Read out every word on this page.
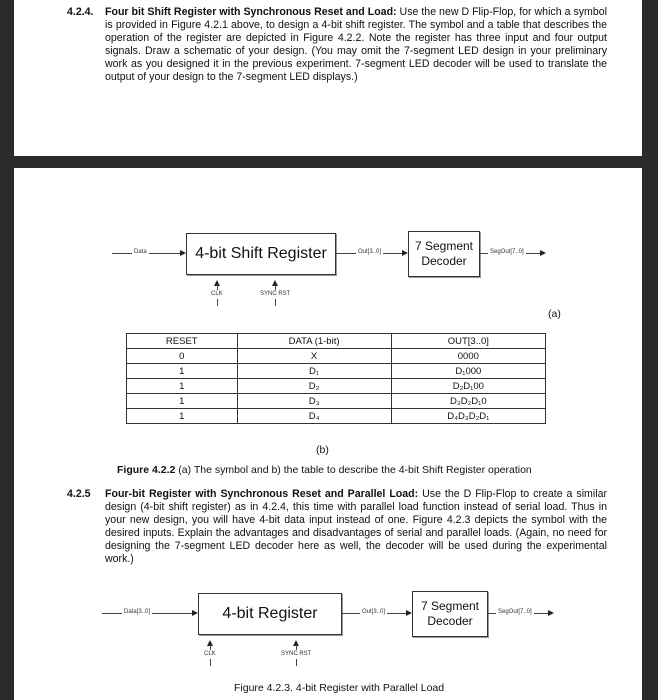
4.2.4.	Four bit Shift Register with Synchronous Reset and Load: Use the new D Flip-Flop, for which a symbol is provided in Figure 4.2.1 above, to design a 4-bit shift register. The symbol and a table that describes the operation of the register are depicted in Figure 4.2.2. Note the register has three input and four output signals. Draw a schematic of your design. (You may omit the 7-segment LED design in your preliminary work as you designed it in the previous experiment. 7-segment LED decoder will be used to translate the output of your design to the 7-segment LED displays.)
Data	4-bit Shift Register	Out[3..0]	7 Segment
Decoder
SegOut[7..0]
CLK	SYNC RST
(a)
RESET	DATA (1-bit)	OUT[3..0]
0	X	0000
1	D₁	D₁000
1	D₂	D₂D₁00
1	D₃	D₃D₂D₁0
1	D₄	D₄D₃D₂D₁
(b)
Figure 4.2.2 (a) The symbol and b) the table to describe the 4-bit Shift Register operation
4.2.5	Four-bit Register with Synchronous Reset and Parallel Load: Use the D Flip-Flop to create a similar design (4-bit shift register) as in 4.2.4, this time with parallel load function instead of serial load. Thus in your new design, you will have 4-bit data input instead of one. Figure 4.2.3 depicts the symbol with the desired inputs. Explain the advantages and disadvantages of serial and parallel loads. (Again, no need for designing the 7-segment LED decoder here as well, the decoder will be used during the experimental work.)
Data[3..0]	4-bit Register	Out[3..0]	7 Segment
Decoder
SegOut[7..0]
CLK	SYNC RST
Figure 4.2.3. 4-bit Register with Parallel Load
